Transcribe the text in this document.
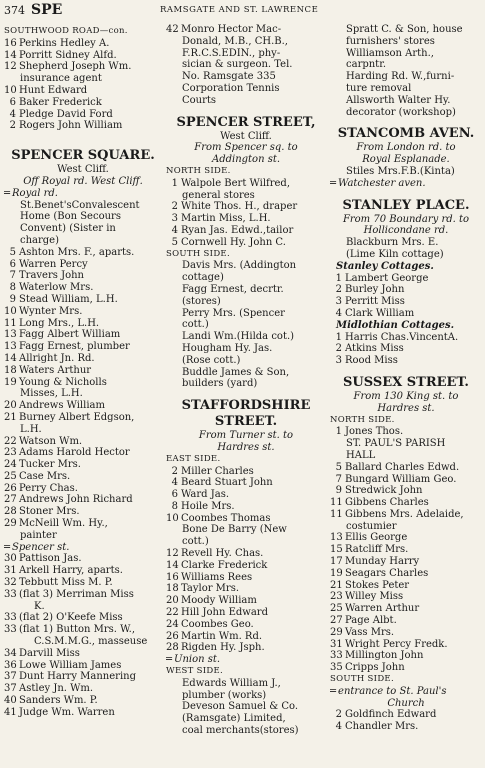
374 SPE	RAMSGATE AND ST. LAWRENCE
SOUTHWOOD ROAD—con.
16 Perkins Hedley A.
14 Porritt Sidney Alfd.
12 Shepherd Joseph Wm.
insurance agent
10 Hunt Edward
6 Baker Frederick
4 Pledge David Ford
2 Rogers John William
SPENCER SQUARE.
West Cliff.
Off Royal rd. West Cliff.
═ Royal rd.
St.Benet'sConvalescent
Home (Bon Secours
Convent) (Sister in
charge)
5 Ashton Mrs. F., aparts.
6 Warren Percy
7 Travers John
8 Waterlow Mrs.
9 Stead William, L.H.
10 Wynter Mrs.
11 Long Mrs., L.H.
13 Fagg Albert William
13 Fagg Ernest, plumber
14 Allright Jn. Rd.
18 Waters Arthur
19 Young & Nicholls
Misses, L.H.
20 Andrews William
21 Burney Albert Edgson,
L.H.
22 Watson Wm.
23 Adams Harold Hector
24 Tucker Mrs.
25 Case Mrs.
26 Perry Chas.
27 Andrews John Richard
28 Stoner Mrs.
29 McNeill Wm. Hy.,
painter
═ Spencer st.
30 Pattison Jas.
31 Arkell Harry, aparts.
32 Tebbutt Miss M. P.
33 (flat 3) Merriman Miss
K.
33 (flat 2) O'Keefe Miss
33 (flat 1) Button Mrs. W.,
C.S.M.M.G., masseuse
34 Darvill Miss
36 Lowe William James
37 Dunt Harry Mannering
37 Astley Jn. Wm.
40 Sanders Wm. P.
41 Judge Wm. Warren
42 Monro Hector Mac-
Donald, M.B., CH.B.,
F.R.C.S.EDIN., phy-
sician & surgeon. Tel.
No. Ramsgate 335
Corporation Tennis
Courts
SPENCER STREET,
West Cliff.
From Spencer sq. to
Addington st.
NORTH SIDE.
1 Walpole Bert Wilfred,
general stores
2 White Thos. H., draper
3 Martin Miss, L.H.
4 Ryan Jas. Edwd.,tailor
5 Cornwell Hy. John C.
SOUTH SIDE.
Davis Mrs. (Addington
cottage)
Fagg Ernest, decrtr.
(stores)
Perry Mrs. (Spencer
cott.)
Landi Wm.(Hilda cot.)
Hougham Hy. Jas.
(Rose cott.)
Buddle James & Son,
builders (yard)
STAFFORDSHIRE
STREET.
From Turner st. to
Hardres st.
EAST SIDE.
2 Miller Charles
4 Beard Stuart John
6 Ward Jas.
8 Hoile Mrs.
10 Coombes Thomas
Bone De Barry (New
cott.)
12 Revell Hy. Chas.
14 Clarke Frederick
16 Williams Rees
18 Taylor Mrs.
20 Moody William
22 Hill John Edward
24 Coombes Geo.
26 Martin Wm. Rd.
28 Rigden Hy. Jsph.
═ Union st.
WEST SIDE.
Edwards William J.,
plumber (works)
Deveson Samuel & Co.
(Ramsgate) Limited,
coal merchants(stores)
Spratt C. & Son, house
furnishers' stores
Williamson Arth.,
carpntr.
Harding Rd. W.,furni-
ture removal
Allsworth Walter Hy.
decorator (workshop)
STANCOMB AVEN.
From London rd. to
Royal Esplanade.
Stiles Mrs.F.B.(Kinta)
═ Watchester aven.
STANLEY PLACE.
From 70 Boundary rd. to
Hollicondane rd.
Blackburn Mrs. E.
(Lime Kiln cottage)
Stanley Cottages.
1 Lambert George
2 Burley John
3 Perritt Miss
4 Clark William
Midlothian Cottages.
1 Harris Chas.VincentA.
2 Atkins Miss
3 Rood Miss
SUSSEX STREET.
From 130 King st. to
Hardres st.
NORTH SIDE.
1 Jones Thos.
ST. PAUL'S PARISH
HALL
5 Ballard Charles Edwd.
7 Bungard William Geo.
9 Stredwick John
11 Gibbens Charles
11 Gibbens Mrs. Adelaide,
costumier
13 Ellis George
15 Ratcliff Mrs.
17 Munday Harry
19 Seagars Charles
21 Stokes Peter
23 Willey Miss
25 Warren Arthur
27 Page Albt.
29 Vass Mrs.
31 Wright Percy Fredk.
33 Millington John
35 Cripps John
SOUTH SIDE.
═ entrance to St. Paul's
Church
2 Goldfinch Edward
4 Chandler Mrs.
